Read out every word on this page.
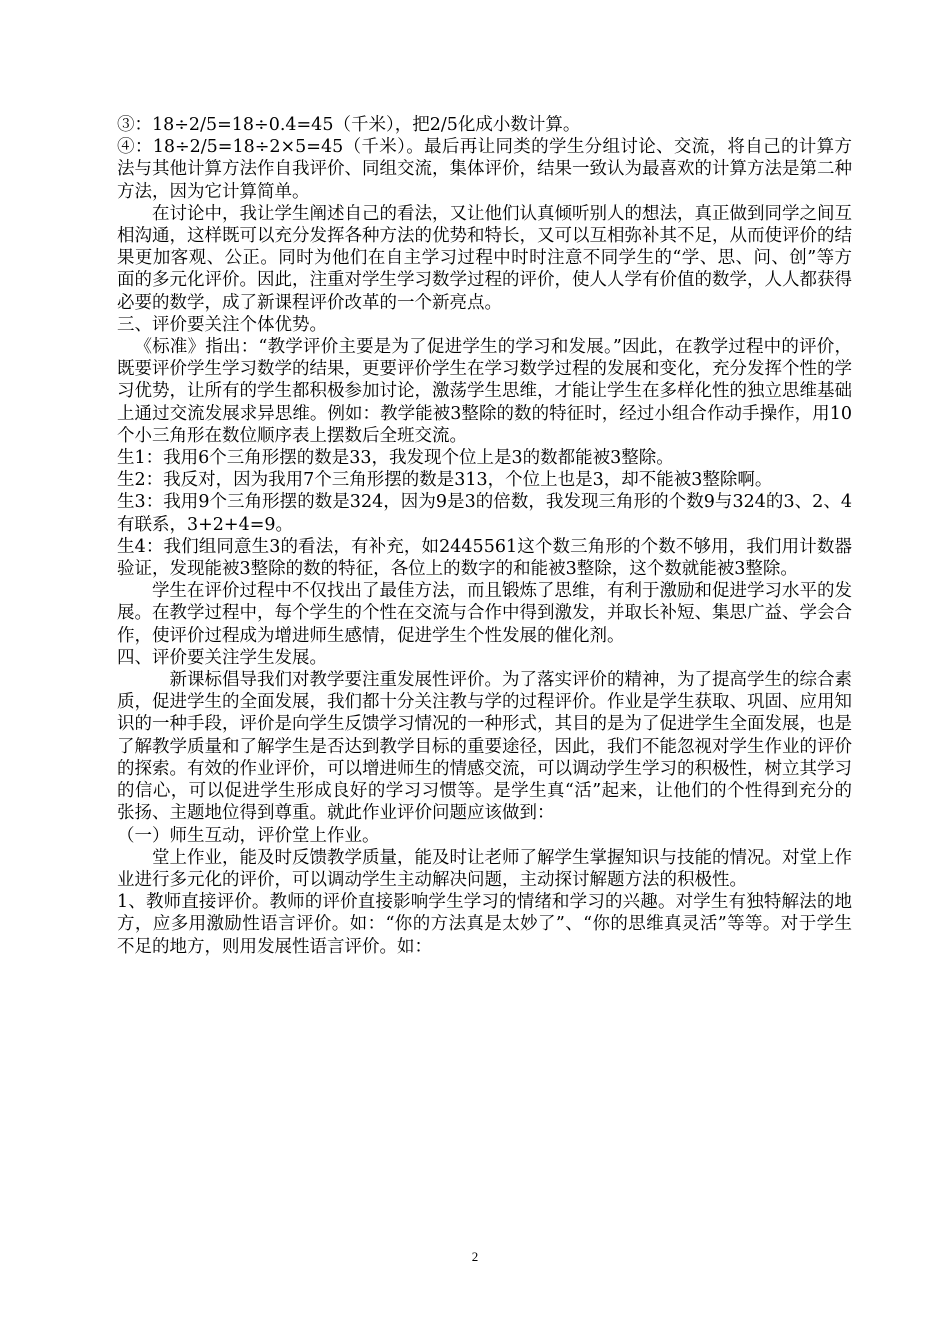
③：18÷2/5=18÷0.4=45（千米），把2/5化成小数计算。

④：18÷2/5=18÷2×5=45（千米）。最后再让同类的学生分组讨论、交流，将自己的计算方法与其他计算方法作自我评价、同组交流，集体评价，结果一致认为最喜欢的计算方法是第二种方法，因为它计算简单。

在讨论中，我让学生阐述自己的看法，又让他们认真倾听别人的想法，真正做到同学之间互相沟通，这样既可以充分发挥各种方法的优势和特长，又可以互相弥补其不足，从而使评价的结果更加客观、公正。同时为他们在自主学习过程中时时注意不同学生的“学、思、问、创”等方面的多元化评价。因此，注重对学生学习数学过程的评价，使人人学有价值的数学，人人都获得必要的数学，成了新课程评价改革的一个新亮点。

三、评价要关注个体优势。

《标准》指出：“教学评价主要是为了促进学生的学习和发展。”因此，在教学过程中的评价，既要评价学生学习数学的结果，更要评价学生在学习数学过程的发展和变化，充分发挥个性的学习优势，让所有的学生都积极参加讨论，激荡学生思维，才能让学生在多样化性的独立思维基础上通过交流发展求异思维。例如：教学能被3整除的数的特征时，经过小组合作动手操作，用10个小三角形在数位顺序表上摆数后全班交流。

生1：我用6个三角形摆的数是33，我发现个位上是3的数都能被3整除。

生2：我反对，因为我用7个三角形摆的数是313，个位上也是3，却不能被3整除啊。

生3：我用9个三角形摆的数是324，因为9是3的倍数，我发现三角形的个数9与324的3、2、4有联系，3+2+4=9。

生4：我们组同意生3的看法，有补充，如2445561这个数三角形的个数不够用，我们用计数器验证，发现能被3整除的数的特征，各位上的数字的和能被3整除，这个数就能被3整除。

学生在评价过程中不仅找出了最佳方法，而且锻炼了思维，有利于激励和促进学习水平的发展。在教学过程中，每个学生的个性在交流与合作中得到激发，并取长补短、集思广益、学会合作，使评价过程成为增进师生感情，促进学生个性发展的催化剂。

四、评价要关注学生发展。

新课标倡导我们对教学要注重发展性评价。为了落实评价的精神，为了提高学生的综合素质，促进学生的全面发展，我们都十分关注教与学的过程评价。作业是学生获取、巩固、应用知识的一种手段，评价是向学生反馈学习情况的一种形式，其目的是为了促进学生全面发展，也是了解教学质量和了解学生是否达到教学目标的重要途径，因此，我们不能忽视对学生作业的评价的探索。有效的作业评价，可以增进师生的情感交流，可以调动学生学习的积极性，树立其学习的信心，可以促进学生形成良好的学习习惯等。是学生真“活”起来，让他们的个性得到充分的张扬、主题地位得到尊重。就此作业评价问题应该做到：

（一）师生互动，评价堂上作业。

堂上作业，能及时反馈教学质量，能及时让老师了解学生掌握知识与技能的情况。对堂上作业进行多元化的评价，可以调动学生主动解决问题，主动探讨解题方法的积极性。

1、教师直接评价。教师的评价直接影响学生学习的情绪和学习的兴趣。对学生有独特解法的地方，应多用激励性语言评价。如：“你的方法真是太妙了”、“你的思维真灵活”等等。对于学生不足的地方，则用发展性语言评价。如：

2
